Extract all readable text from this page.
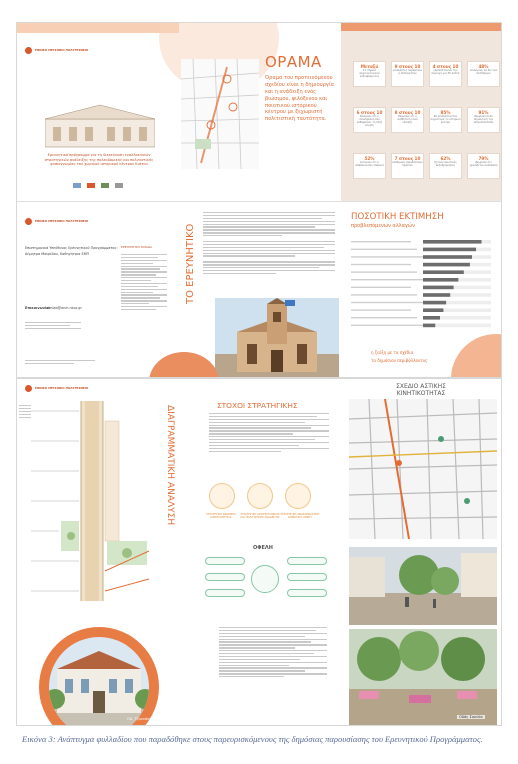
ΕΘΝΙΚΟ ΜΕΤΣΟΒΙΟ ΠΟΛΥΤΕΧΝΕΙΟ
Ερευνητικό πρόγραμμα για τη διερεύνηση εναλλακτικών στρατηγικών ανάδειξης της πολεοδομικής και πολιτιστικής φυσιογνωμίας του χωρικού ιστορικού κέντρου Κιάτου
ΟΡΑΜΑ
Όραμα του προτεινόμενου σχεδίου είναι η δημιουργία και η ανάδειξη ενός βιώσιμου, φιλόξενου και ποιοτικού ιστορικού κέντρου με ξεχωριστή πολιτιστική ταυτότητα.
Μεταξύ
17 σημεία αρχιτεκτονικού ενδιαφέροντος
9 στους 10
επισκέπτες περπατούν ή ποδηλατούν
4 στους 10
επισκέπτονται την περιοχή για 30 λεπτά
48%
επιλέγουν να δει ένα πεζόδρομο
6 στους 10
θεωρούν ότι η συνεδρίαση δεν ενθαρρύνει τη πεζή κίνηση
8 στους 10
θεωρούν ότι η αισθητική είναι ελλιπής
85%
θα επισκέπτονταν συχνότερα το ιστορικό κέντρο
91%
θεωρούν πολύ σημαντική την αποκατάσταση
52%
εκτιμούν ότι η ασφάλεια δεν επαρκεί
7 στους 10
επιθυμούν περισσότερο πράσινο
62%
ζητούν ποιοτικές πεζοδρομήσεις
79%
θεωρούν ότι χρειάζεται ανάπλαση
ΕΘΝΙΚΟ ΜΕΤΣΟΒΙΟ ΠΟΛΥΤΕΧΝΕΙΟ
Επιστημονικά Υπεύθυνος Ερευνητικού Προγράμματος:
Δήμητρα Μαυρίδου, Καθηγήτρια ΕΜΠ
Επικοινωνία:
dmlab@arch.ntua.gr
ΕΡΕΥΝΗΤΙΚΗ ΟΜΑΔΑ	ΤΟ ΕΡΕΥΝΗΤΙΚΟ
ΠΟΣΟΤΙΚΗ ΕΚΤΙΜΗΣΗ
προβλεπόμενων αλλαγών
η ζεύξη με τα σχέδια
τα δημόσιου περιβάλλοντος
ΕΘΝΙΚΟ ΜΕΤΣΟΒΙΟ ΠΟΛΥΤΕΧΝΕΙΟ
ΔΙΑΓΡΑΜΜΑΤΙΚΗ ΑΝΑΛΥΣΗ
Οδ. Τζαννάκη
ΣΤΟΧΟΙ ΣΤΡΑΤΗΓΙΚΗΣ
ΣΤΡΑΤΗΓΙΚΗ ΒΙΩΣΙΜΗΣ ΚΙΝΗΤΙΚΟΤΗΤΑΣ
ΣΤΡΑΤΗΓΙΚΗ ΑΡΧΙΤΕΚΤΟΝΙΚΗΣ ΚΑΙ ΠΟΛΙΤΙΣΤΙΚΗΣ ΑΝΑΔΕΙΞΗΣ
ΣΤΡΑΤΗΓΙΚΗ ΑΝΑΣΧΕΔΙΑΣΜΟΥ ΔΗΜΟΣΙΟΥ ΧΩΡΟΥ
ΟΦΕΛΗ
ΣΧΕΔΙΟ ΑΣΤΙΚΗΣ ΚΙΝΗΤΙΚΟΤΗΤΑΣ
Οδός Σικελία
Εικόνα 3: Ανάπτυγμα φυλλαδίου που παραδόθηκε στους παρευρισκόμενους της δημόσιας παρουσίασης του Ερευνητικού Προγράμματος.
